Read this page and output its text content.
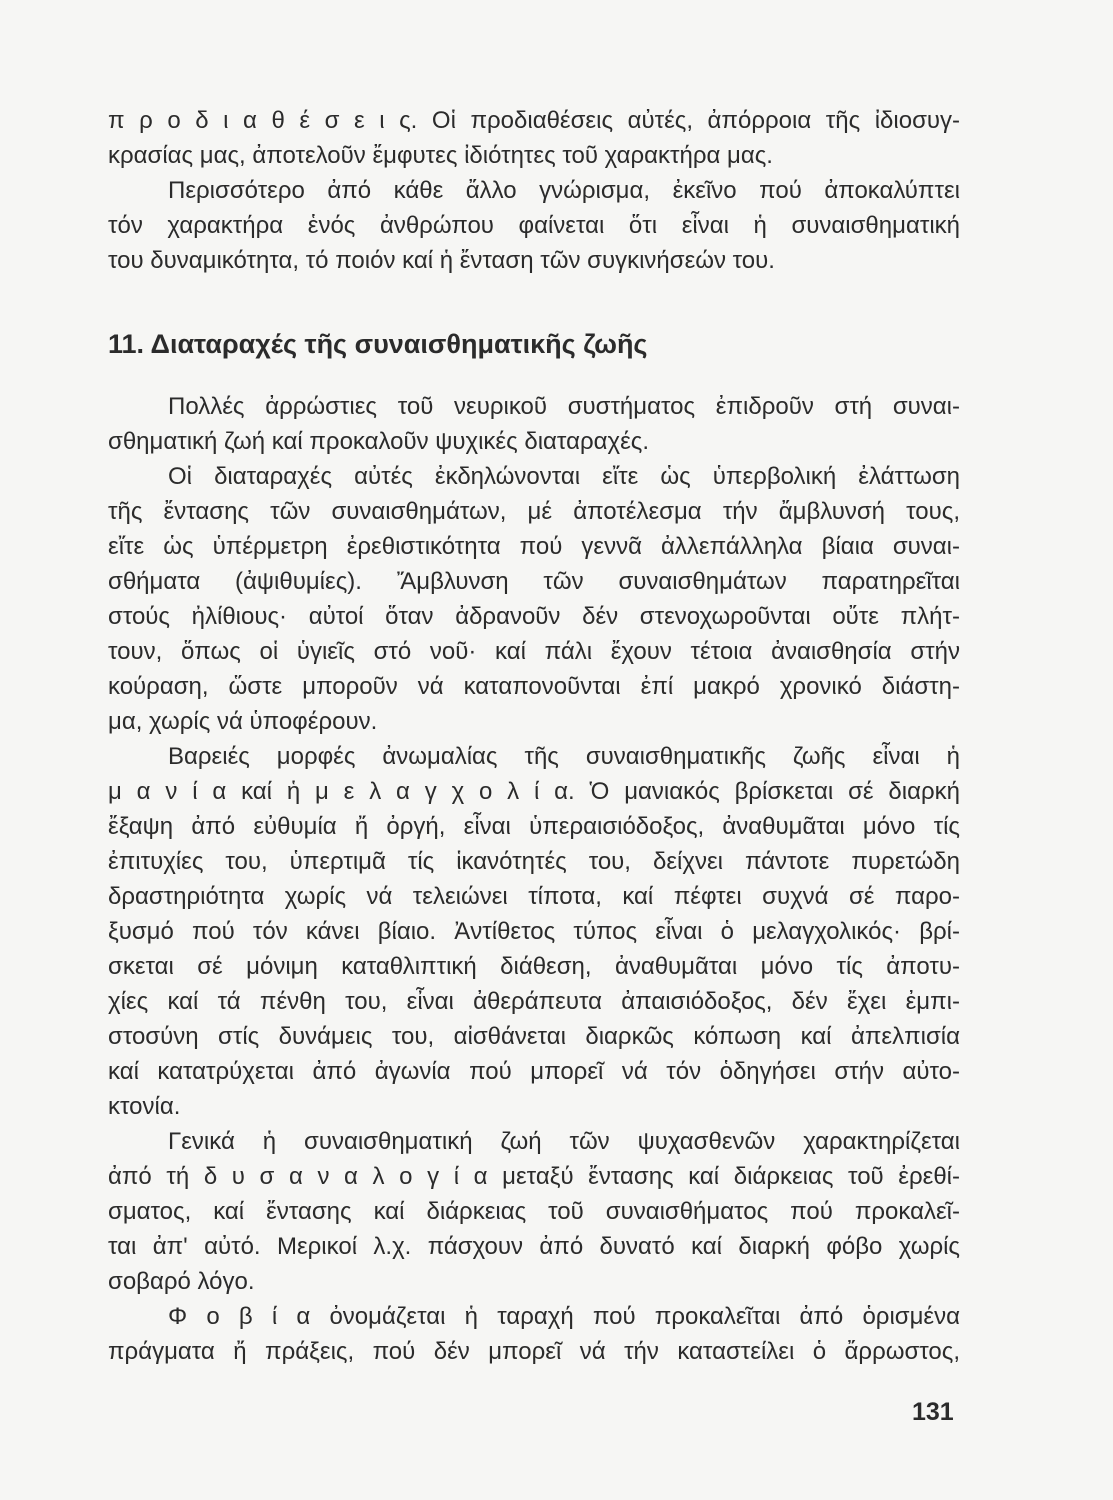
π ρ ο δ ι α θ έ σ ε ι ς. Οἱ προδιαθέσεις αὐτές, ἀπόρροια τῆς ἰδιοσυγ-
κρασίας μας, ἀποτελοῦν ἔμφυτες ἰδιότητες τοῦ χαρακτήρα μας.
Περισσότερο ἀπό κάθε ἄλλο γνώρισμα, ἐκεῖνο πού ἀποκαλύπτει
τόν χαρακτήρα ἑνός ἀνθρώπου φαίνεται ὅτι εἶναι ἡ συναισθηματική
του δυναμικότητα, τό ποιόν καί ἡ ἔνταση τῶν συγκινήσεών του.
11. Διαταραχές τῆς συναισθηματικῆς ζωῆς
Πολλές ἀρρώστιες τοῦ νευρικοῦ συστήματος ἐπιδροῦν στή συναι-
σθηματική ζωή καί προκαλοῦν ψυχικές διαταραχές.
Οἱ διαταραχές αὐτές ἐκδηλώνονται εἴτε ὡς ὑπερβολική ἐλάττωση
τῆς ἔντασης τῶν συναισθημάτων, μέ ἀποτέλεσμα τήν ἄμβλυνσή τους,
εἴτε ὡς ὑπέρμετρη ἐρεθιστικότητα πού γεννᾶ ἀλλεπάλληλα βίαια συναι-
σθήματα (ἀψιθυμίες). Ἄμβλυνση τῶν συναισθημάτων παρατηρεῖται
στούς ἠλίθιους· αὐτοί ὅταν ἀδρανοῦν δέν στενοχωροῦνται οὔτε πλήτ-
τουν, ὅπως οἱ ὑγιεῖς στό νοῦ· καί πάλι ἔχουν τέτοια ἀναισθησία στήν
κούραση, ὥστε μποροῦν νά καταπονοῦνται ἐπί μακρό χρονικό διάστη-
μα, χωρίς νά ὑποφέρουν.
Βαρειές μορφές ἀνωμαλίας τῆς συναισθηματικῆς ζωῆς εἶναι ἡ
μ α ν ί α καί ἡ μ ε λ α γ χ ο λ ί α. Ὁ μανιακός βρίσκεται σέ διαρκή
ἔξαψη ἀπό εὐθυμία ἤ ὀργή, εἶναι ὑπεραισιόδοξος, ἀναθυμᾶται μόνο τίς
ἐπιτυχίες του, ὑπερτιμᾶ τίς ἱκανότητές του, δείχνει πάντοτε πυρετώδη
δραστηριότητα χωρίς νά τελειώνει τίποτα, καί πέφτει συχνά σέ παρο-
ξυσμό πού τόν κάνει βίαιο. Ἀντίθετος τύπος εἶναι ὁ μελαγχολικός· βρί-
σκεται σέ μόνιμη καταθλιπτική διάθεση, ἀναθυμᾶται μόνο τίς ἀποτυ-
χίες καί τά πένθη του, εἶναι ἀθεράπευτα ἀπαισιόδοξος, δέν ἔχει ἐμπι-
στοσύνη στίς δυνάμεις του, αἰσθάνεται διαρκῶς κόπωση καί ἀπελπισία
καί κατατρύχεται ἀπό ἀγωνία πού μπορεῖ νά τόν ὁδηγήσει στήν αὐτο-
κτονία.
Γενικά ἡ συναισθηματική ζωή τῶν ψυχασθενῶν χαρακτηρίζεται
ἀπό τή δ υ σ α ν α λ ο γ ί α μεταξύ ἔντασης καί διάρκειας τοῦ ἐρεθί-
σματος, καί ἔντασης καί διάρκειας τοῦ συναισθήματος πού προκαλεῖ-
ται ἀπ' αὐτό. Μερικοί λ.χ. πάσχουν ἀπό δυνατό καί διαρκή φόβο χωρίς
σοβαρό λόγο.
Φ ο β ί α ὀνομάζεται ἡ ταραχή πού προκαλεῖται ἀπό ὁρισμένα
πράγματα ἤ πράξεις, πού δέν μπορεῖ νά τήν καταστείλει ὁ ἄρρωστος,
131
